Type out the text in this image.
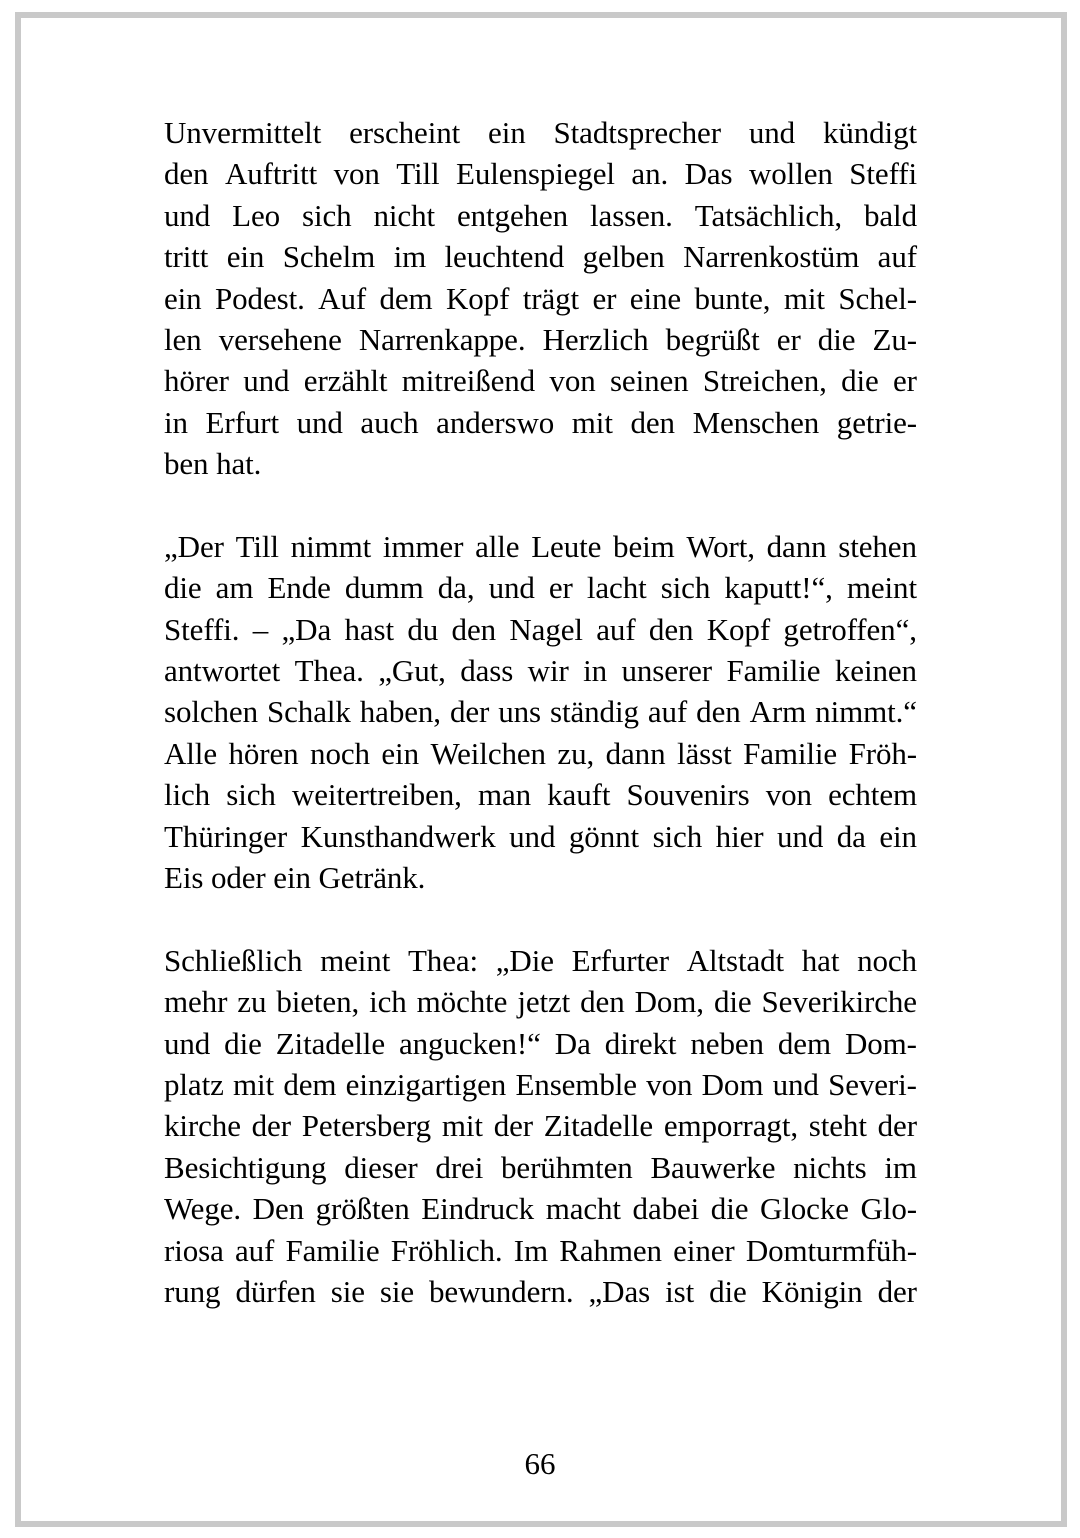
Unvermittelt erscheint ein Stadtsprecher und kündigt
den Auftritt von Till Eulenspiegel an. Das wollen Steffi
und Leo sich nicht entgehen lassen. Tatsächlich, bald
tritt ein Schelm im leuchtend gelben Narrenkostüm auf
ein Podest. Auf dem Kopf trägt er eine bunte, mit Schel-
len versehene Narrenkappe. Herzlich begrüßt er die Zu-
hörer und erzählt mitreißend von seinen Streichen, die er
in Erfurt und auch anderswo mit den Menschen getrie-
ben hat.
„Der Till nimmt immer alle Leute beim Wort, dann stehen
die am Ende dumm da, und er lacht sich kaputt!“, meint
Steffi. – „Da hast du den Nagel auf den Kopf getroffen“,
antwortet Thea. „Gut, dass wir in unserer Familie keinen
solchen Schalk haben, der uns ständig auf den Arm nimmt.“
Alle hören noch ein Weilchen zu, dann lässt Familie Fröh-
lich sich weitertreiben, man kauft Souvenirs von echtem
Thüringer Kunsthandwerk und gönnt sich hier und da ein
Eis oder ein Getränk.
Schließlich meint Thea: „Die Erfurter Altstadt hat noch
mehr zu bieten, ich möchte jetzt den Dom, die Severikirche
und die Zitadelle angucken!“ Da direkt neben dem Dom-
platz mit dem einzigartigen Ensemble von Dom und Severi-
kirche der Petersberg mit der Zitadelle emporragt, steht der
Besichtigung dieser drei berühmten Bauwerke nichts im
Wege. Den größten Eindruck macht dabei die Glocke Glo-
riosa auf Familie Fröhlich. Im Rahmen einer Domturmfüh-
rung dürfen sie sie bewundern. „Das ist die Königin der
66
